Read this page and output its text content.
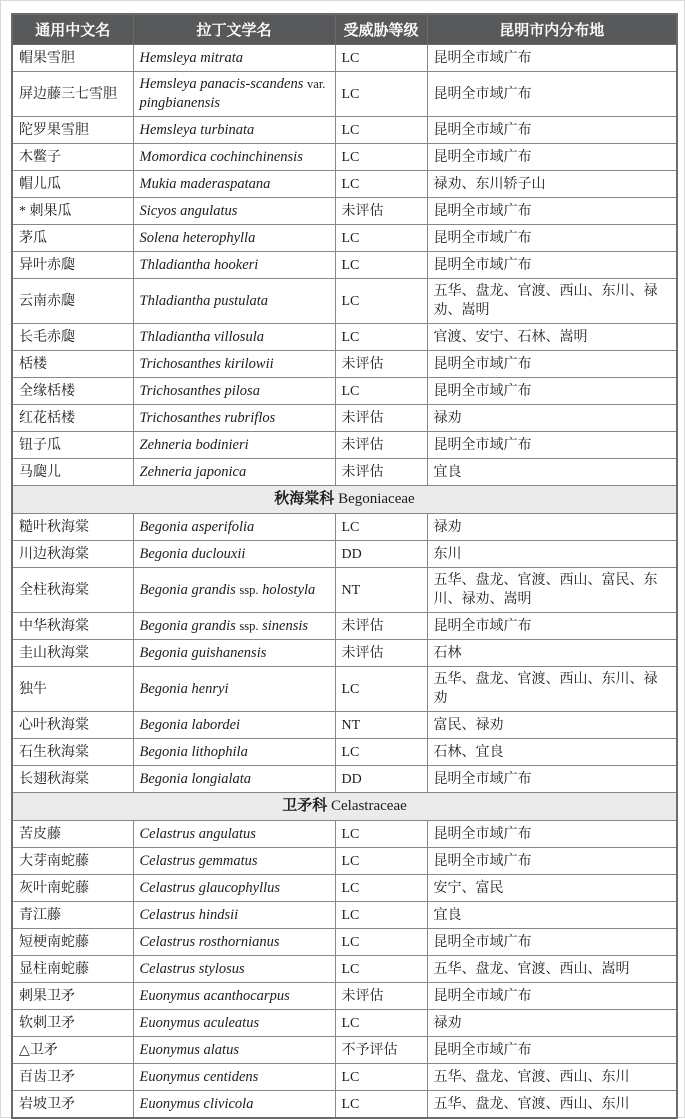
通用中文名	拉丁文学名	受威胁等级	昆明市内分布地
帽果雪胆	Hemsleya mitrata	LC	昆明全市域广布
屏边藤三七雪胆	Hemsleya panacis-scandens var. pingbianensis	LC	昆明全市域广布
陀罗果雪胆	Hemsleya turbinata	LC	昆明全市域广布
木鳖子	Momordica cochinchinensis	LC	昆明全市域广布
帽儿瓜	Mukia maderaspatana	LC	禄劝、东川轿子山
* 刺果瓜	Sicyos angulatus	未评估	昆明全市域广布
茅瓜	Solena heterophylla	LC	昆明全市域广布
异叶赤瓟	Thladiantha hookeri	LC	昆明全市域广布
云南赤瓟	Thladiantha pustulata	LC	五华、盘龙、官渡、西山、东川、禄劝、嵩明
长毛赤瓟	Thladiantha villosula	LC	官渡、安宁、石林、嵩明
栝楼	Trichosanthes kirilowii	未评估	昆明全市域广布
全缘栝楼	Trichosanthes pilosa	LC	昆明全市域广布
红花栝楼	Trichosanthes rubriflos	未评估	禄劝
钮子瓜	Zehneria bodinieri	未评估	昆明全市域广布
马瓟儿	Zehneria japonica	未评估	宜良
秋海棠科 Begoniaceae			
糙叶秋海棠	Begonia asperifolia	LC	禄劝
川边秋海棠	Begonia duclouxii	DD	东川
全柱秋海棠	Begonia grandis ssp. holostyla	NT	五华、盘龙、官渡、西山、富民、东川、禄劝、嵩明
中华秋海棠	Begonia grandis ssp. sinensis	未评估	昆明全市域广布
圭山秋海棠	Begonia guishanensis	未评估	石林
独牛	Begonia henryi	LC	五华、盘龙、官渡、西山、东川、禄劝
心叶秋海棠	Begonia labordei	NT	富民、禄劝
石生秋海棠	Begonia lithophila	LC	石林、宜良
长翅秋海棠	Begonia longialata	DD	昆明全市域广布
卫矛科 Celastraceae			
苦皮藤	Celastrus angulatus	LC	昆明全市域广布
大芽南蛇藤	Celastrus gemmatus	LC	昆明全市域广布
灰叶南蛇藤	Celastrus glaucophyllus	LC	安宁、富民
青江藤	Celastrus hindsii	LC	宜良
短梗南蛇藤	Celastrus rosthornianus	LC	昆明全市域广布
显柱南蛇藤	Celastrus stylosus	LC	五华、盘龙、官渡、西山、嵩明
刺果卫矛	Euonymus acanthocarpus	未评估	昆明全市域广布
软刺卫矛	Euonymus aculeatus	LC	禄劝
△卫矛	Euonymus alatus	不予评估	昆明全市域广布
百齿卫矛	Euonymus centidens	LC	五华、盘龙、官渡、西山、东川
岩坡卫矛	Euonymus clivicola	LC	五华、盘龙、官渡、西山、东川
